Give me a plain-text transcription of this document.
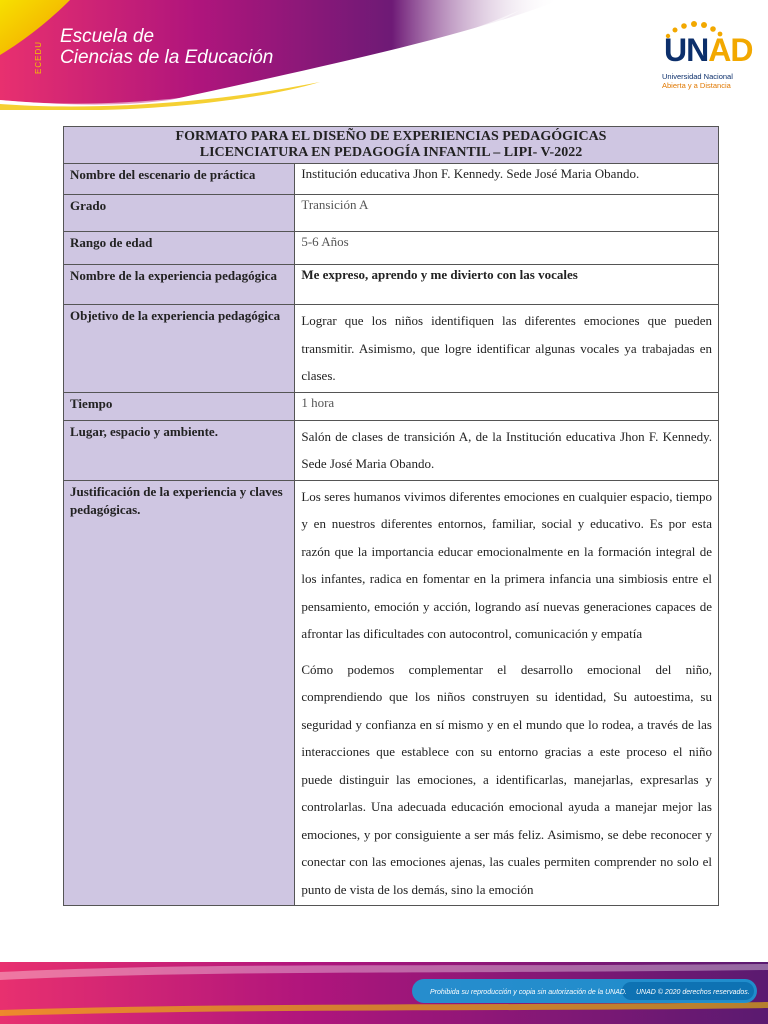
ECEDU
Escuela de
Ciencias de la Educación	UNAD
Universidad Nacional
Abierta y a Distancia
FORMATO PARA EL DISEÑO DE EXPERIENCIAS PEDAGÓGICAS
LICENCIATURA EN PEDAGOGÍA INFANTIL – LIPI- V-2022	

Nombre del escenario de práctica	Institución educativa Jhon F. Kennedy. Sede José Maria Obando.
Grado	Transición A
Rango de edad	5-6 Años
Nombre de la experiencia pedagógica	Me expreso, aprendo y me divierto con las vocales
Objetivo de la experiencia pedagógica	Lograr que los niños identifiquen las diferentes emociones que pueden transmitir. Asimismo, que logre identificar algunas vocales ya trabajadas en clases.

Tiempo	1 hora
Lugar, espacio y ambiente.	Salón de clases de transición A, de la Institución educativa Jhon F. Kennedy. Sede José Maria Obando.

Justificación de la experiencia y claves pedagógicas.	Los seres humanos vivimos diferentes emociones en cualquier espacio, tiempo y en nuestros diferentes entornos, familiar, social y educativo. Es por esta razón que la importancia educar emocionalmente en la formación integral de los infantes, radica en fomentar en la primera infancia una simbiosis entre el pensamiento, emoción y acción, logrando así nuevas generaciones capaces de afrontar las dificultades con autocontrol, comunicación y empatía

Cómo podemos complementar el desarrollo emocional del niño, comprendiendo que los niños construyen su identidad, Su autoestima, su seguridad y confianza en sí mismo y en el mundo que lo rodea, a través de las interacciones que establece con su entorno gracias a este proceso el niño puede distinguir las emociones, a identificarlas, manejarlas, expresarlas y controlarlas. Una adecuada educación emocional ayuda a manejar mejor las emociones, y por consiguiente a ser más feliz. Asimismo, se debe reconocer y conectar con las emociones ajenas, las cuales permiten comprender no solo el punto de vista de los demás, sino la emoción

Prohibida su reproducción y copia sin autorización de la UNAD. UNAD © 2020 derechos reservados.
